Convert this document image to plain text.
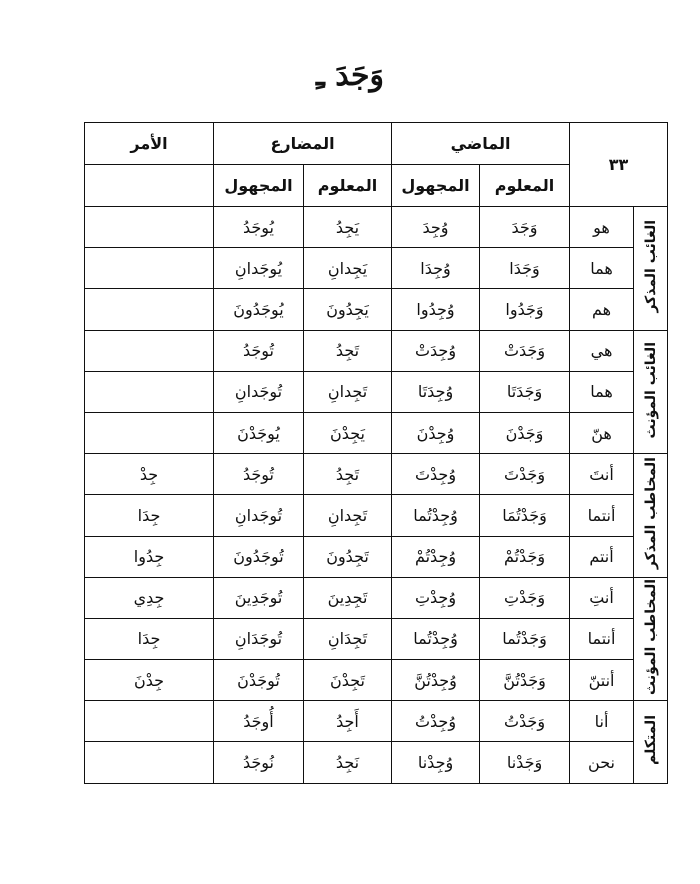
وَجَدَ ـِ
٣٣		الماضي		المضارع		الأمر
		المعلوم	المجهول	المعلوم	المجهول	
الغائب المذكر	هو	وَجَدَ	وُجِدَ	يَجِدُ	يُوجَدُ	
	هما	وَجَدَا	وُجِدَا	يَجِدانِ	يُوجَدانِ	
	هم	وَجَدُوا	وُجِدُوا	يَجِدُونَ	يُوجَدُونَ	
الغائب المؤنث	هي	وَجَدَتْ	وُجِدَتْ	تَجِدُ	تُوجَدُ	
	هما	وَجَدَتَا	وُجِدَتَا	تَجِدانِ	تُوجَدانِ	
	هنّ	وَجَدْنَ	وُجِدْنَ	يَجِدْنَ	يُوجَدْنَ	
المخاطب المذكر	أنتَ	وَجَدْتَ	وُجِدْتَ	تَجِدُ	تُوجَدُ	جِدْ
	أنتما	وَجَدْتُمَا	وُجِدْتُما	تَجِدانِ	تُوجَدانِ	جِدَا
	أنتم	وَجَدْتُمْ	وُجِدْتُمْ	تَجِدُونَ	تُوجَدُونَ	جِدُوا
المخاطب المؤنث	أنتِ	وَجَدْتِ	وُجِدْتِ	تَجِدِينَ	تُوجَدِينَ	جِدِي
	أنتما	وَجَدْتُما	وُجِدْتُما	تَجِدَانِ	تُوجَدَانِ	جِدَا
	أنتنّ	وَجَدْتُنَّ	وُجِدْتُنَّ	تَجِدْنَ	تُوجَدْنَ	جِدْنَ
المتكلم	أنا	وَجَدْتُ	وُجِدْتُ	أَجِدُ	أُوجَدُ	
	نحن	وَجَدْنا	وُجِدْنا	نَجِدُ	نُوجَدُ	
